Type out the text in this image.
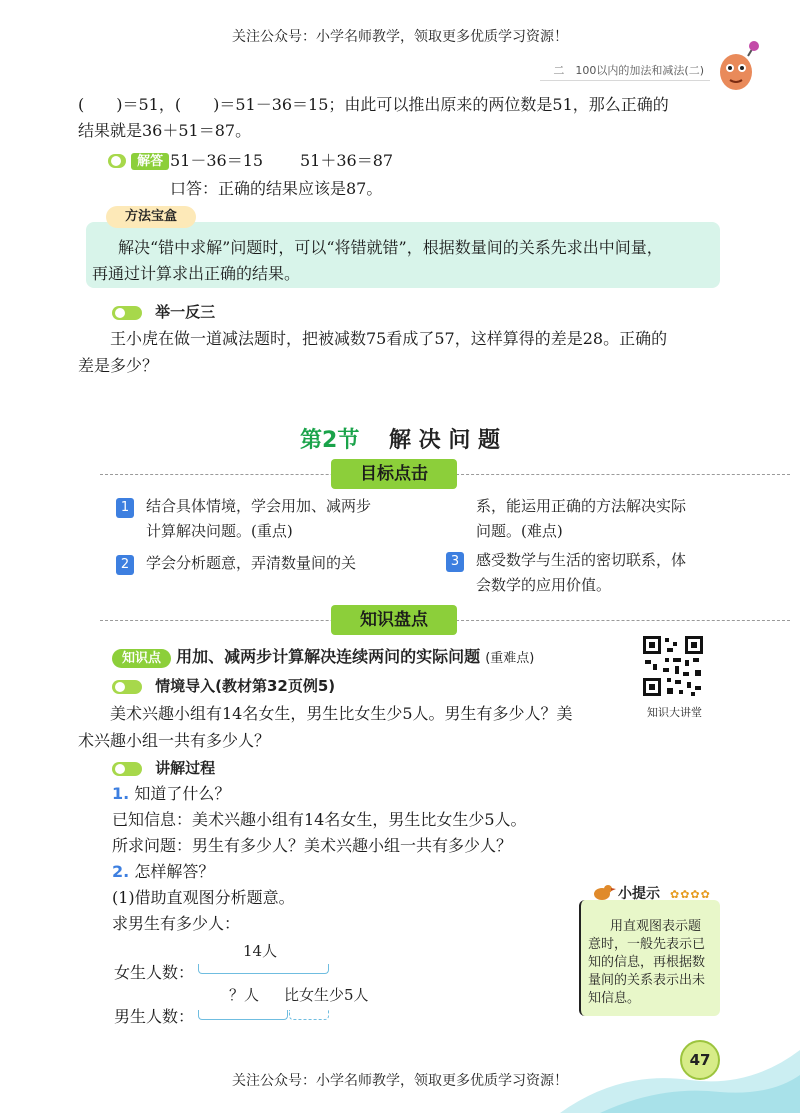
关注公众号：小学名师教学，领取更多优质学习资源！
二　100以内的加法和减法(二)
(　　)＝51，(　　)＝51－36＝15；由此可以推出原来的两位数是51，那么正确的
结果就是36＋51＝87。
解答 51－36＝15 51＋36＝87
口答：正确的结果应该是87。
方法宝盒
解决“错中求解”问题时，可以“将错就错”，根据数量间的关系先求出中间量，
再通过计算求出正确的结果。
举一反三
王小虎在做一道减法题时，把被减数75看成了57，这样算得的差是28。正确的
差是多少？
第2节 解 决 问 题
目标点击
1	结合具体情境，学会用加、减两步
计算解决问题。(重点)
2	学会分析题意，弄清数量间的关
系，能运用正确的方法解决实际
问题。(难点)
3	感受数学与生活的密切联系，体
会数学的应用价值。
知识盘点
知识点 用加、减两步计算解决连续两问的实际问题 (重难点)
知识大讲堂
情境导入(教材第32页例5)
美术兴趣小组有14名女生，男生比女生少5人。男生有多少人？美
术兴趣小组一共有多少人？
讲解过程
1. 知道了什么？
已知信息：美术兴趣小组有14名女生，男生比女生少5人。
所求问题：男生有多少人？美术兴趣小组一共有多少人？
2. 怎样解答？
(1)借助直观图分析题意。
求男生有多少人：
14人
女生人数：
？人 比女生少5人
男生人数：
小提示 ✿✿✿✿
用直观图表示题
意时，一般先表示已
知的信息，再根据数
量间的关系表示出未
知信息。
47
关注公众号：小学名师教学，领取更多优质学习资源！
